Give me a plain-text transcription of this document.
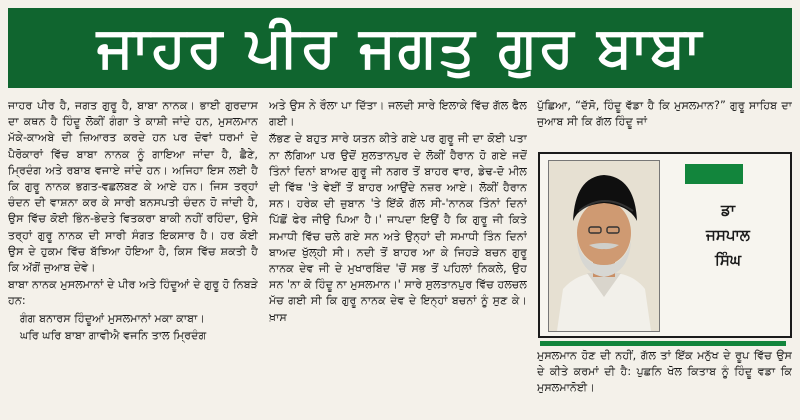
ਜਾਹਰ ਪੀਰ ਜਗਤੁ ਗੁਰ ਬਾਬਾ

ਜਾਹਰ ਪੀਰ ਹੈ, ਜਗਤ ਗੁਰੂ ਹੈ, ਬਾਬਾ ਨਾਨਕ। ਭਾਈ ਗੁਰਦਾਸ ਦਾ ਕਥਨ ਹੈ ਹਿੰਦੂ ਲੋਕੀਂ ਗੰਗਾ ਤੇ ਕਾਸ਼ੀ ਜਾਂਦੇ ਹਨ, ਮੁਸਲਮਾਨ ਮੱਕੇ-ਕਾਅਬੇ ਦੀ ਜ਼ਿਆਰਤ ਕਰਦੇ ਹਨ ਪਰ ਦੋਵਾਂ ਧਰਮਾਂ ਦੇ ਪੈਰੋਕਾਰਾਂ ਵਿੱਚ ਬਾਬਾ ਨਾਨਕ ਨੂੰ ਗਾਇਆ ਜਾਂਦਾ ਹੈ, ਛੈਣੇ, ਮ੍ਰਿਦੰਗ ਅਤੇ ਰਬਾਬ ਵਜਾਏ ਜਾਂਦੇ ਹਨ। ਅਜਿਹਾ ਇਸ ਲਈ ਹੈ ਕਿ ਗੁਰੂ ਨਾਨਕ ਭਗਤ-ਵਛਲਬਣ ਕੇ ਆਏ ਹਨ। ਜਿਸ ਤਰ੍ਹਾਂ ਚੰਦਨ ਦੀ ਵਾਸ਼ਨਾ ਕਰ ਕੇ ਸਾਰੀ ਬਨਸਪਤੀ ਚੰਦਨ ਹੋ ਜਾਂਦੀ ਹੈ, ਉਸ ਵਿੱਚ ਕੋਈ ਭਿੰਨ-ਭੇਦਤੇ ਵਿਤਕਰਾ ਬਾਕੀ ਨਹੀਂ ਰਹਿੰਦਾ, ਉਸੇ ਤਰ੍ਹਾਂ ਗੁਰੂ ਨਾਨਕ ਦੀ ਸਾਰੀ ਸੰਗਤ ਇਕਸਾਰ ਹੈ। ਹਰ ਕੋਈ ਉਸ ਦੇ ਹੁਕਮ ਵਿੱਚ ਬੱਝਿਆ ਹੋਇਆ ਹੈ, ਕਿਸ ਵਿੱਚ ਸ਼ਕਤੀ ਹੈ ਕਿ ਅੱਗੋਂ ਜੁਆਬ ਦੇਵੇ।

ਬਾਬਾ ਨਾਨਕ ਮੁਸਲਮਾਨਾਂ ਦੇ ਪੀਰ ਅਤੇ ਹਿੰਦੂਆਂ ਦੇ ਗੁਰੂ ਹੋ ਨਿਬੜੇ ਹਨ:

ਗੰਗ ਬਨਾਰਸ ਹਿੰਦੂਆਂ ਮੁਸਲਮਾਨਾਂ ਮਕਾ ਕਾਬਾ।

ਘਰਿ ਘਰਿ ਬਾਬਾ ਗਾਵੀਐ ਵਜਨਿ ਤਾਲ ਮ੍ਰਿਦੰਗ

ਅਤੇ ਉਸ ਨੇ ਰੌਲਾ ਪਾ ਦਿੱਤਾ। ਜਲਦੀ ਸਾਰੇ ਇਲਾਕੇ ਵਿੱਚ ਗੱਲ ਫੈਲ ਗਈ।

ਲੱਭਣ ਦੇ ਬਹੁਤ ਸਾਰੇ ਯਤਨ ਕੀਤੇ ਗਏ ਪਰ ਗੁਰੂ ਜੀ ਦਾ ਕੋਈ ਪਤਾ ਨਾ ਲੱਗਿਆ ਪਰ ਉਦੋਂ ਸੁਲਤਾਨਪੁਰ ਦੇ ਲੋਕੀਂ ਹੈਰਾਨ ਹੋ ਗਏ ਜਦੋਂ ਤਿੰਨਾਂ ਦਿਨਾਂ ਬਾਅਦ ਗੁਰੂ ਜੀ ਨਗਰ ਤੋਂ ਬਾਹਰ ਵਾਰ, ਡੇਢ-ਦੋ ਮੀਲ ਦੀ ਵਿੱਥ 'ਤੇ ਵੇਈਂ ਤੋਂ ਬਾਹਰ ਆਉਂਦੇ ਨਜ਼ਰ ਆਏ। ਲੋਕੀਂ ਹੈਰਾਨ ਸਨ। ਹਰੇਕ ਦੀ ਜ਼ੁਬਾਨ 'ਤੇ ਇੱਕੋ ਗੱਲ ਸੀ-'ਨਾਨਕ ਤਿੰਨਾਂ ਦਿਨਾਂ ਪਿੱਛੋਂ ਫੇਰ ਜੀਉ ਪਿਆ ਹੈ।' ਜਾਪਦਾ ਇਉਂ ਹੈ ਕਿ ਗੁਰੂ ਜੀ ਕਿਤੇ ਸਮਾਧੀ ਵਿੱਚ ਚਲੇ ਗਏ ਸਨ ਅਤੇ ਉਨ੍ਹਾਂ ਦੀ ਸਮਾਧੀ ਤਿੰਨ ਦਿਨਾਂ ਬਾਅਦ ਖੁੱਲ੍ਹੀ ਸੀ। ਨਦੀ ਤੋਂ ਬਾਹਰ ਆ ਕੇ ਜਿਹੜੇ ਬਚਨ ਗੁਰੂ ਨਾਨਕ ਦੇਵ ਜੀ ਦੇ ਮੁਖਾਰਬਿੰਦ 'ਚੋਂ ਸਭ ਤੋਂ ਪਹਿਲਾਂ ਨਿਕਲੇ, ਉਹ ਸਨ 'ਨਾ ਕੋ ਹਿੰਦੂ ਨਾ ਮੁਸਲਮਾਨ।' ਸਾਰੇ ਸੁਲਤਾਨਪੁਰ ਵਿੱਚ ਹਲਚਲ ਮੱਚ ਗਈ ਸੀ ਕਿ ਗੁਰੂ ਨਾਨਕ ਦੇਵ ਦੇ ਇਨ੍ਹਾਂ ਬਚਨਾਂ ਨੂੰ ਸੁਣ ਕੇ। ਖ਼ਾਸ

ਪੁੱਛਿਆ, “ਦੱਸੋ, ਹਿੰਦੂ ਵੱਡਾ ਹੈ ਕਿ ਮੁਸਲਮਾਨ?” ਗੁਰੂ ਸਾਹਿਬ ਦਾ ਜੁਆਬ ਸੀ ਕਿ ਗੱਲ ਹਿੰਦੂ ਜਾਂ

ਡਾ
ਜਸਪਾਲ
ਸਿੰਘ

ਮੁਸਲਮਾਨ ਹੋਣ ਦੀ ਨਹੀਂ, ਗੱਲ ਤਾਂ ਇੱਕ ਮਨੁੱਖ ਦੇ ਰੂਪ ਵਿੱਚ ਉਸ ਦੇ ਕੀਤੇ ਕਰਮਾਂ ਦੀ ਹੈ: ਪੁਛਨਿ ਖੋਲ ਕਿਤਾਬ ਨੂੰ ਹਿੰਦੂ ਵਡਾ ਕਿ ਮੁਸਲਮਾਨੋਈ।
